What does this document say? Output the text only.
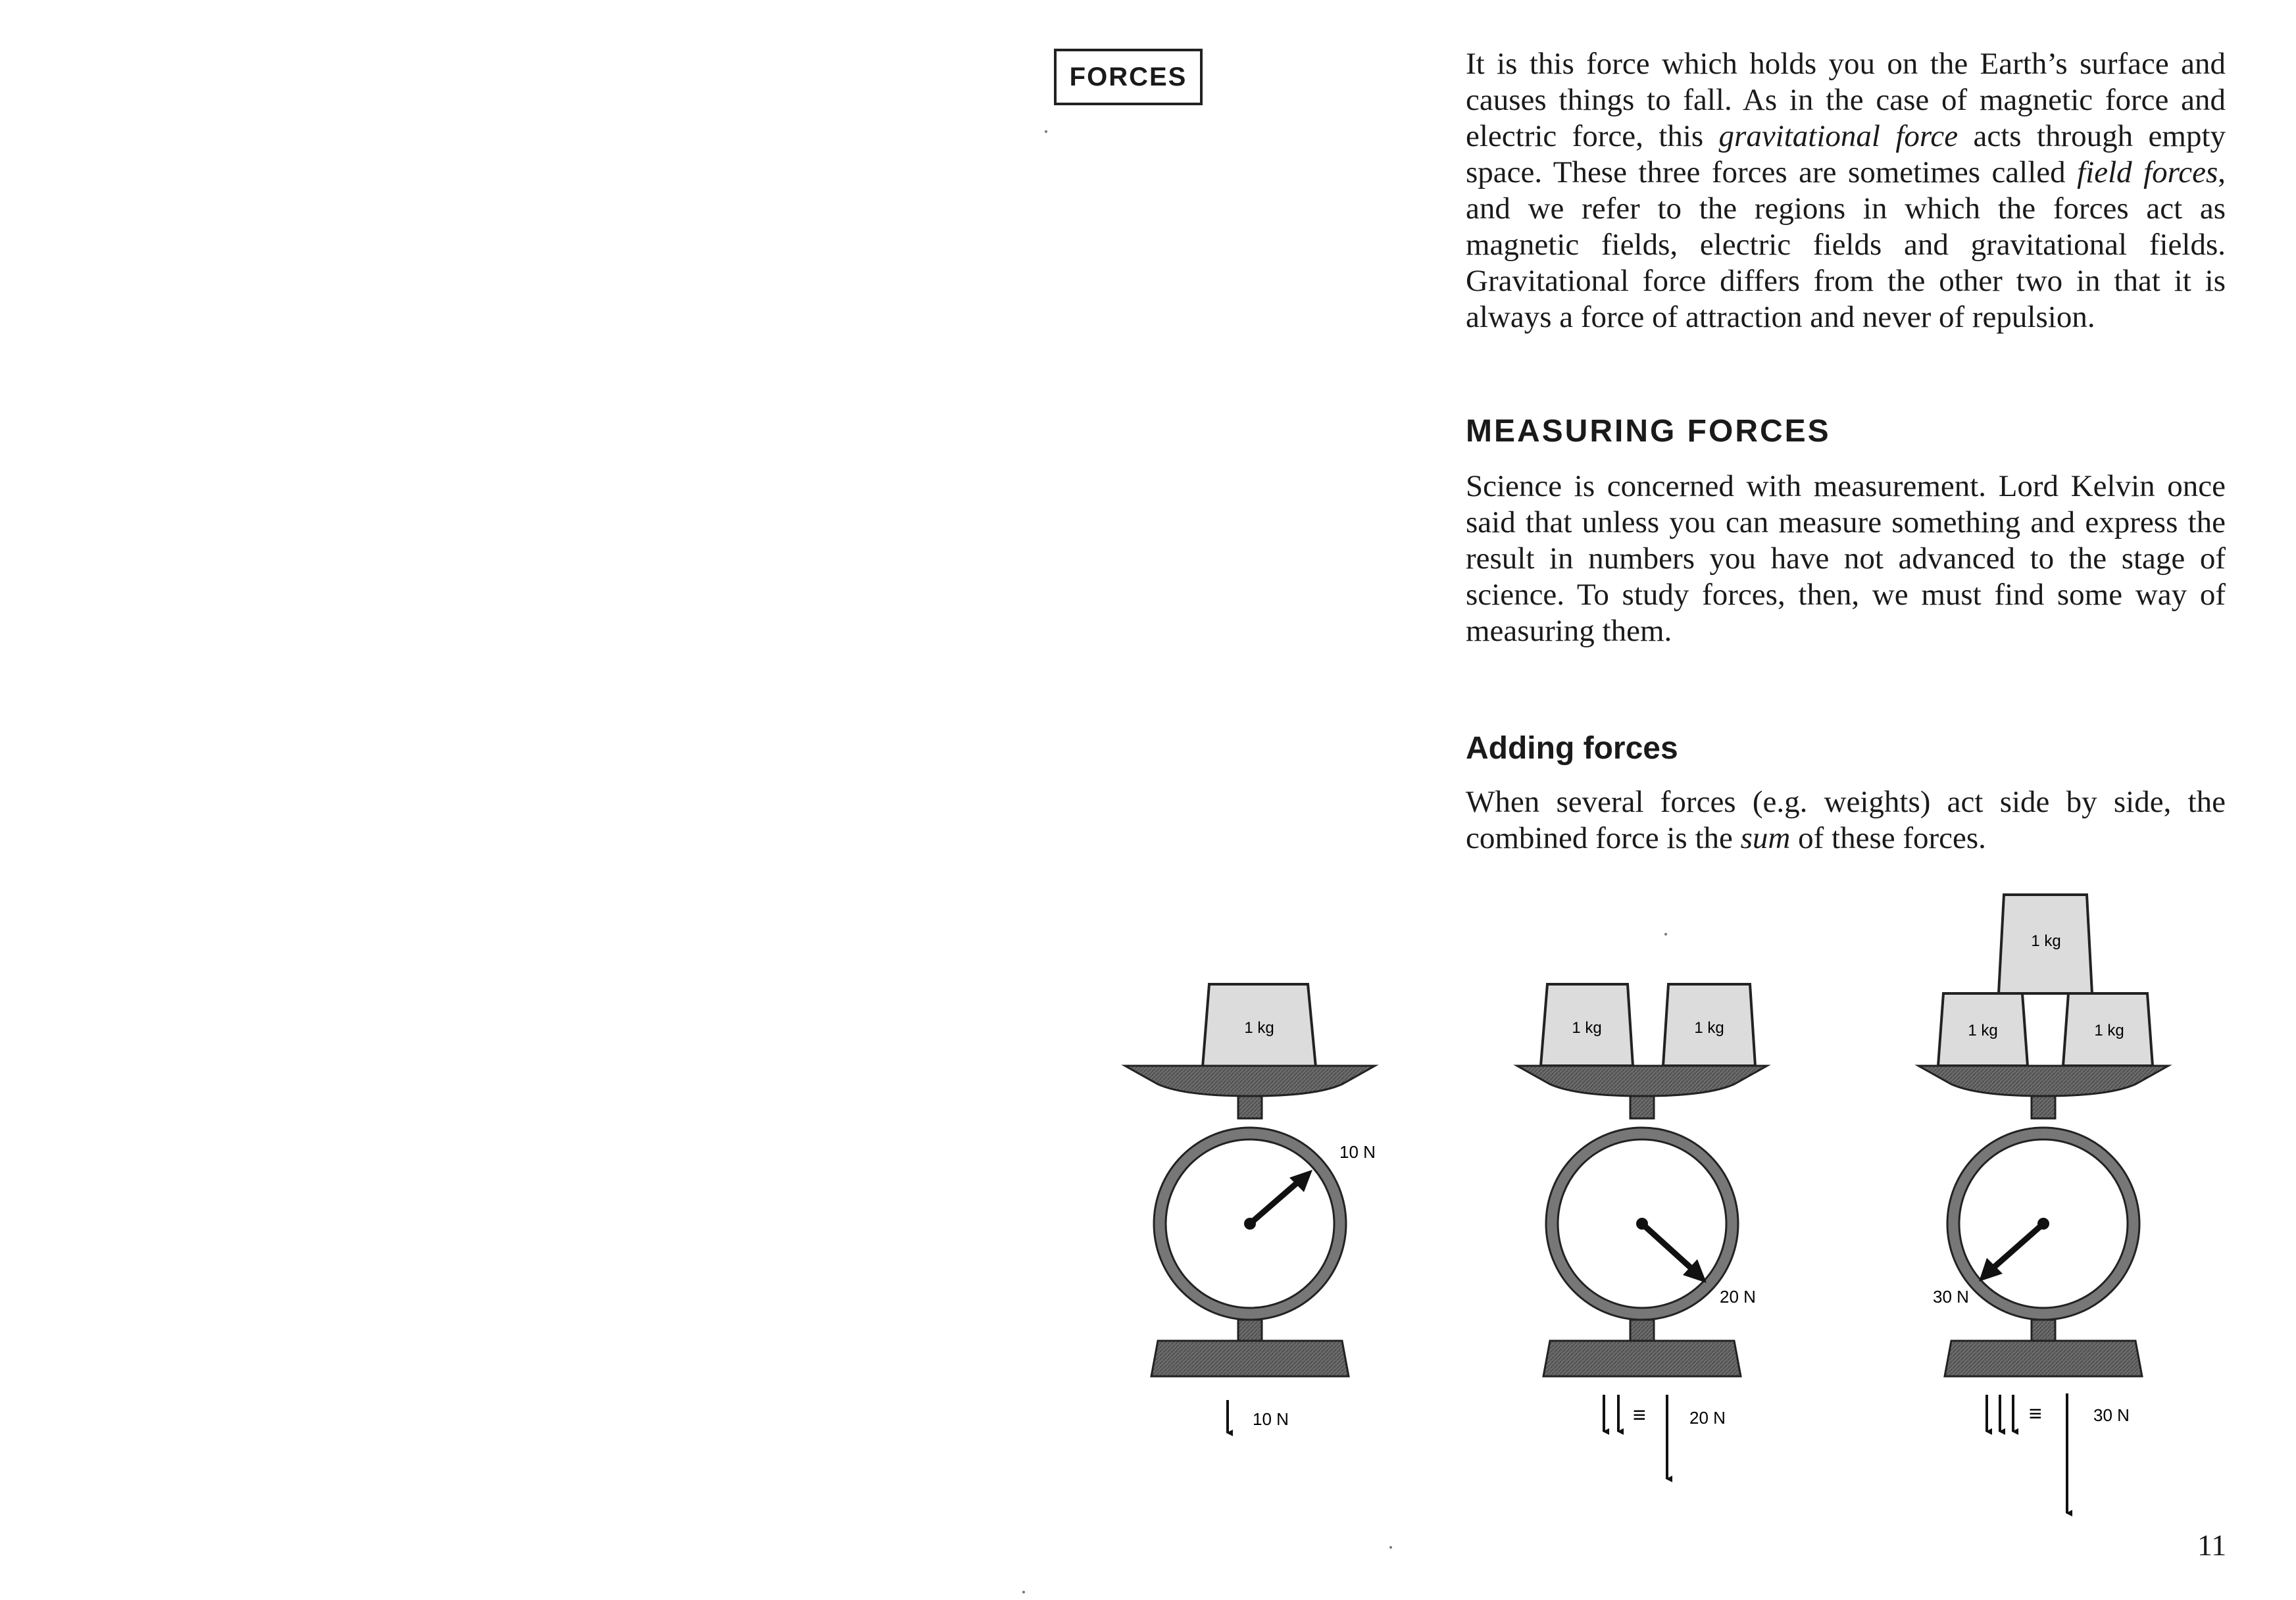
FORCES	It is this force which holds you on the Earth’s surface and causes things to fall. As in the case of magnetic force and electric force, this gravitational force acts through empty space. These three forces are sometimes called field forces, and we refer to the regions in which the forces act as magnetic fields, electric fields and gravitational fields. Gravitational force differs from the other two in that it is always a force of attraction and never of repulsion.

MEASURING FORCES

Science is concerned with measurement. Lord Kelvin once said that unless you can measure something and express the result in numbers you have not advanced to the stage of science. To study forces, then, we must find some way of measuring them.

Adding forces

When several forces (e.g. weights) act side by side, the combined force is the sum of these forces.

1 kg
10 N
10 N
1 kg	1 kg
20 N
≡	20 N
1 kg
1 kg	1 kg
30 N
≡	30 N
11
